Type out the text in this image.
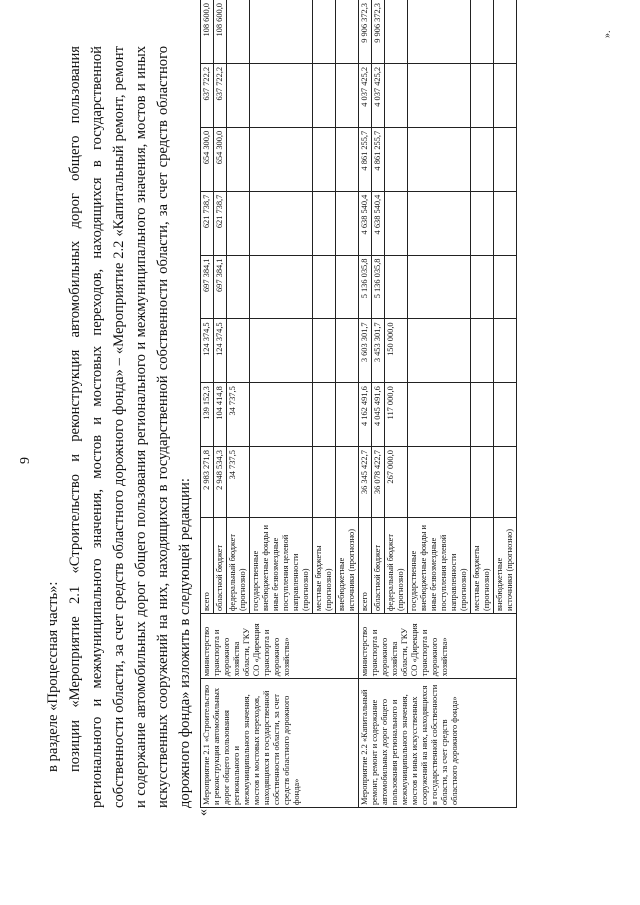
9

в разделе «Процессная часть»: позиции «Мероприятие 2.1 «Строительство и реконструкция автомобильных дорог общего пользования регионального и межмуниципального значения, мостов и мостовых переходов, находящихся в государственной собственности области, за счет средств областного дорожного фонда» – «Мероприятие 2.2 «Капитальный ремонт, ремонт и содержание автомобильных дорог общего пользования регионального и межмуниципального значения, мостов и иных искусственных сооружений на них, находящихся в государственной собственности области, за счет средств областного дорожного фонда» изложить в следующей редакции:

«
Мероприятие 2.1 «Строительство и реконструкция автомобильных дорог общего пользования регионального и межмуниципального значения, мостов и мостовых переходов, находящихся в государственной собственности области, за счет средств областного дорожного фонда»	министерство транспорта и дорожного хозяйства области, ГКУ СО «Дирекция транспорта и дорожного хозяйства»	всего	2 983 271,8	139 152,3	124 374,5	697 384,1	621 738,7	654 300,0	637 722,2	108 600,0
		областной бюджет	2 948 534,3	104 414,8	124 374,5	697 384,1	621 738,7	654 300,0	637 722,2	108 600,0
		федеральный бюджет (прогнозно)	34 737,5	34 737,5						
		государственные внебюджетные фонды и иные безвозмездные поступления целевой направленности (прогнозно)								
		местные бюджеты (прогнозно)								
		внебюджетные источники (прогнозно)								
Мероприятие 2.2 «Капитальный ремонт, ремонт и содержание автомобильных дорог общего пользования регионального и межмуниципального значения, мостов и иных искусственных сооружений на них, находящихся в государственной собственности области, за счет средств областного дорожного фонда»	министерство транспорта и дорожного хозяйства области, ГКУ СО «Дирекция транспорта и дорожного хозяйства»	всего	36 345 422,7	4 162 491,6	3 603 301,7	5 136 035,8	4 638 540,4	4 861 255,7	4 037 425,2	9 906 372,3
		областной бюджет	36 078 422,7	4 045 491,6	3 453 301,7	5 136 035,8	4 638 540,4	4 861 255,7	4 037 425,2	9 906 372,3
		федеральный бюджет (прогнозно)	267 000,0	117 000,0	150 000,0					
		государственные внебюджетные фонды и иные безвозмездные поступления целевой направленности (прогнозно)								
		местные бюджеты (прогнозно)								
		внебюджетные источники (прогнозно)								
».
